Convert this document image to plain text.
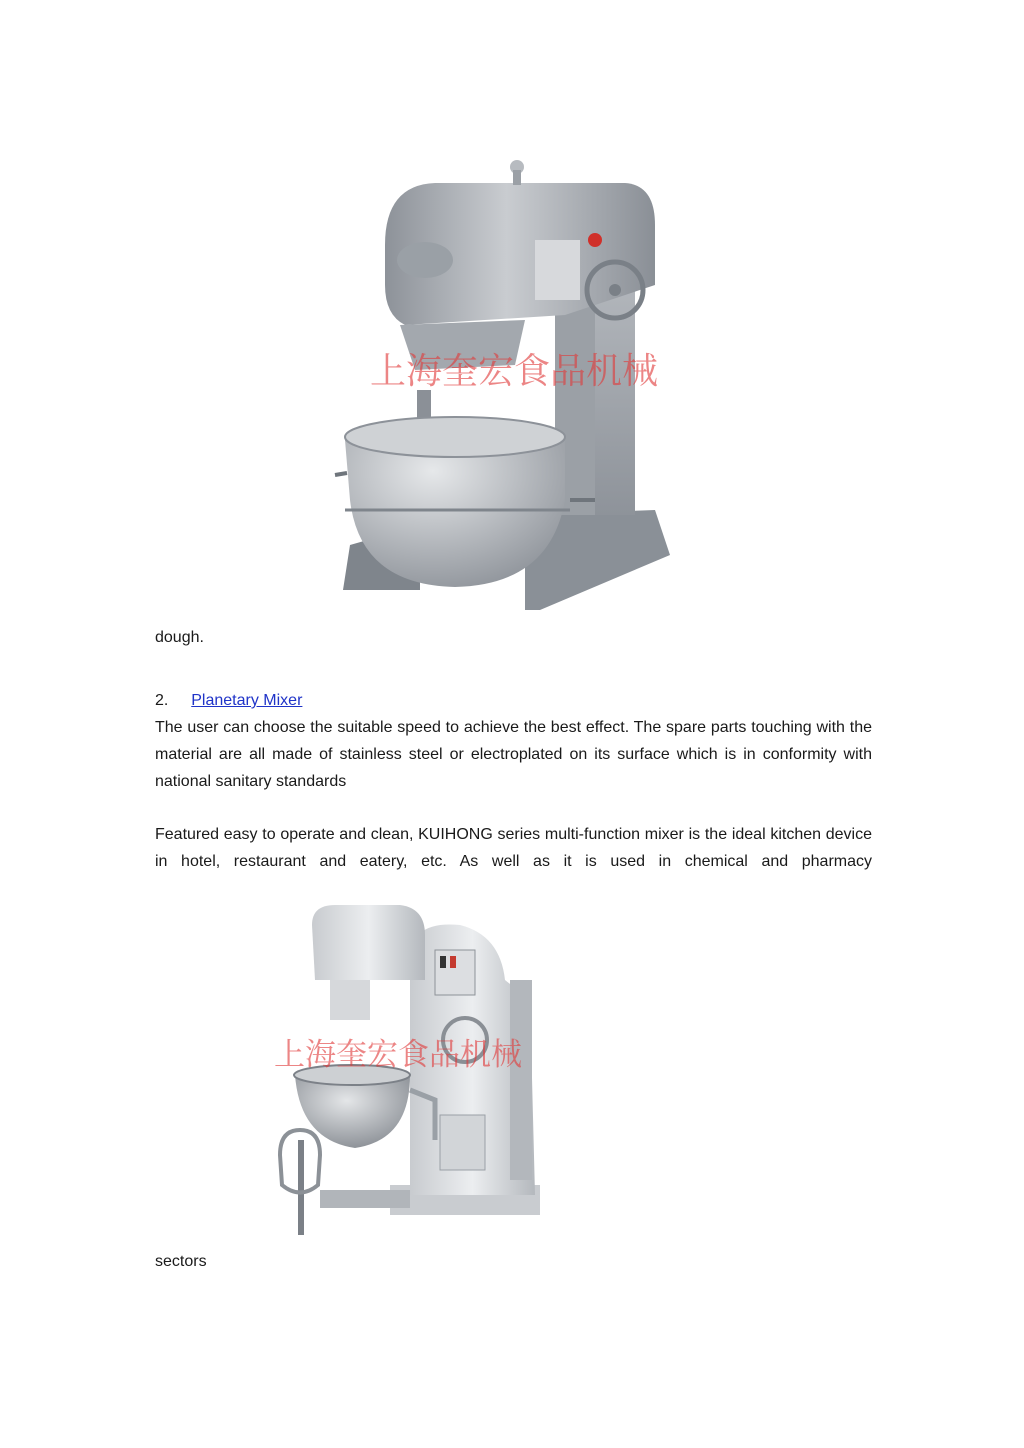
上海奎宏食品机械
dough.
2. Planetary Mixer
The user can choose the suitable speed to achieve the best effect. The spare parts touching with the material are all made of stainless steel or electroplated on its surface which is in conformity with national sanitary standards
Featured easy to operate and clean, KUIHONG series multi-function mixer is the ideal kitchen device in hotel, restaurant and eatery, etc. As well as it is used in chemical and pharmacy
上海奎宏食品机械
sectors
